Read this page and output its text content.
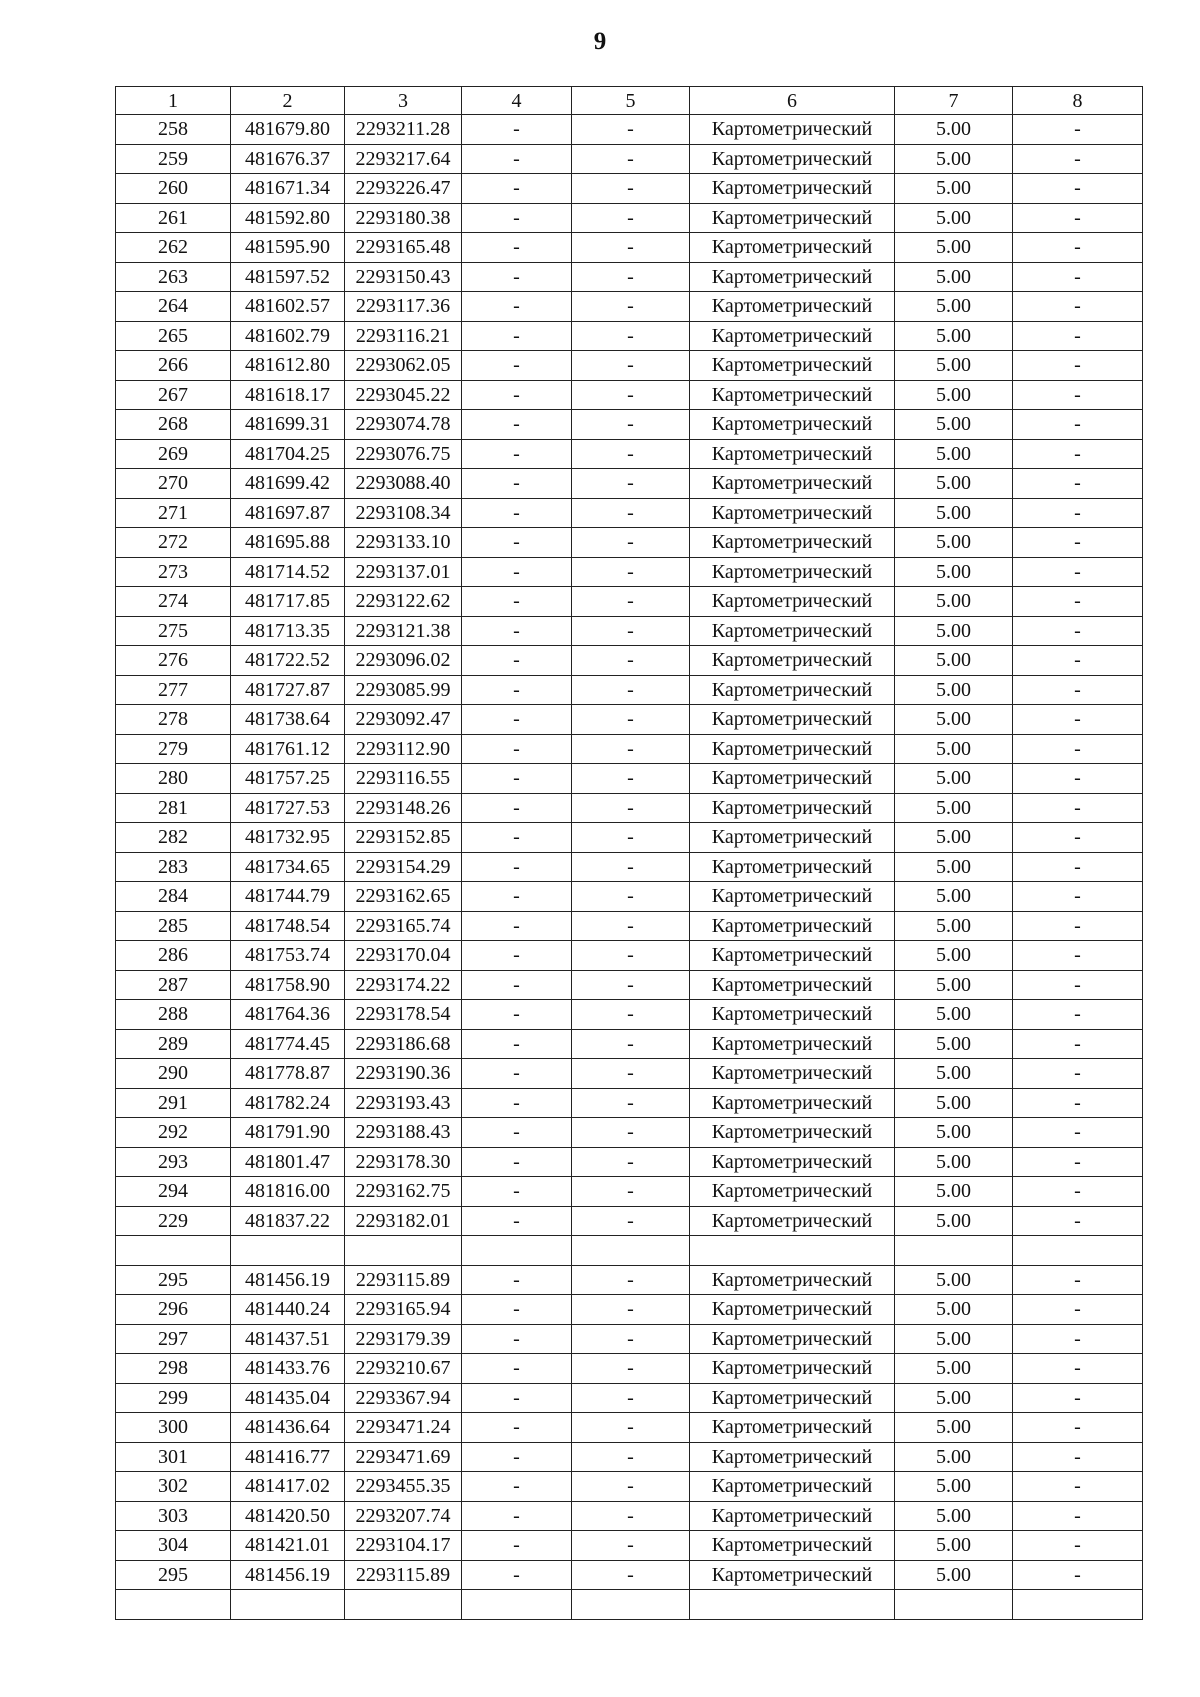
9
1	2	3	4	5	6	7	8
258	481679.80	2293211.28	-	-	Картометрический	5.00	-
259	481676.37	2293217.64	-	-	Картометрический	5.00	-
260	481671.34	2293226.47	-	-	Картометрический	5.00	-
261	481592.80	2293180.38	-	-	Картометрический	5.00	-
262	481595.90	2293165.48	-	-	Картометрический	5.00	-
263	481597.52	2293150.43	-	-	Картометрический	5.00	-
264	481602.57	2293117.36	-	-	Картометрический	5.00	-
265	481602.79	2293116.21	-	-	Картометрический	5.00	-
266	481612.80	2293062.05	-	-	Картометрический	5.00	-
267	481618.17	2293045.22	-	-	Картометрический	5.00	-
268	481699.31	2293074.78	-	-	Картометрический	5.00	-
269	481704.25	2293076.75	-	-	Картометрический	5.00	-
270	481699.42	2293088.40	-	-	Картометрический	5.00	-
271	481697.87	2293108.34	-	-	Картометрический	5.00	-
272	481695.88	2293133.10	-	-	Картометрический	5.00	-
273	481714.52	2293137.01	-	-	Картометрический	5.00	-
274	481717.85	2293122.62	-	-	Картометрический	5.00	-
275	481713.35	2293121.38	-	-	Картометрический	5.00	-
276	481722.52	2293096.02	-	-	Картометрический	5.00	-
277	481727.87	2293085.99	-	-	Картометрический	5.00	-
278	481738.64	2293092.47	-	-	Картометрический	5.00	-
279	481761.12	2293112.90	-	-	Картометрический	5.00	-
280	481757.25	2293116.55	-	-	Картометрический	5.00	-
281	481727.53	2293148.26	-	-	Картометрический	5.00	-
282	481732.95	2293152.85	-	-	Картометрический	5.00	-
283	481734.65	2293154.29	-	-	Картометрический	5.00	-
284	481744.79	2293162.65	-	-	Картометрический	5.00	-
285	481748.54	2293165.74	-	-	Картометрический	5.00	-
286	481753.74	2293170.04	-	-	Картометрический	5.00	-
287	481758.90	2293174.22	-	-	Картометрический	5.00	-
288	481764.36	2293178.54	-	-	Картометрический	5.00	-
289	481774.45	2293186.68	-	-	Картометрический	5.00	-
290	481778.87	2293190.36	-	-	Картометрический	5.00	-
291	481782.24	2293193.43	-	-	Картометрический	5.00	-
292	481791.90	2293188.43	-	-	Картометрический	5.00	-
293	481801.47	2293178.30	-	-	Картометрический	5.00	-
294	481816.00	2293162.75	-	-	Картометрический	5.00	-
229	481837.22	2293182.01	-	-	Картометрический	5.00	-

295	481456.19	2293115.89	-	-	Картометрический	5.00	-
296	481440.24	2293165.94	-	-	Картометрический	5.00	-
297	481437.51	2293179.39	-	-	Картометрический	5.00	-
298	481433.76	2293210.67	-	-	Картометрический	5.00	-
299	481435.04	2293367.94	-	-	Картометрический	5.00	-
300	481436.64	2293471.24	-	-	Картометрический	5.00	-
301	481416.77	2293471.69	-	-	Картометрический	5.00	-
302	481417.02	2293455.35	-	-	Картометрический	5.00	-
303	481420.50	2293207.74	-	-	Картометрический	5.00	-
304	481421.01	2293104.17	-	-	Картометрический	5.00	-
295	481456.19	2293115.89	-	-	Картометрический	5.00	-
